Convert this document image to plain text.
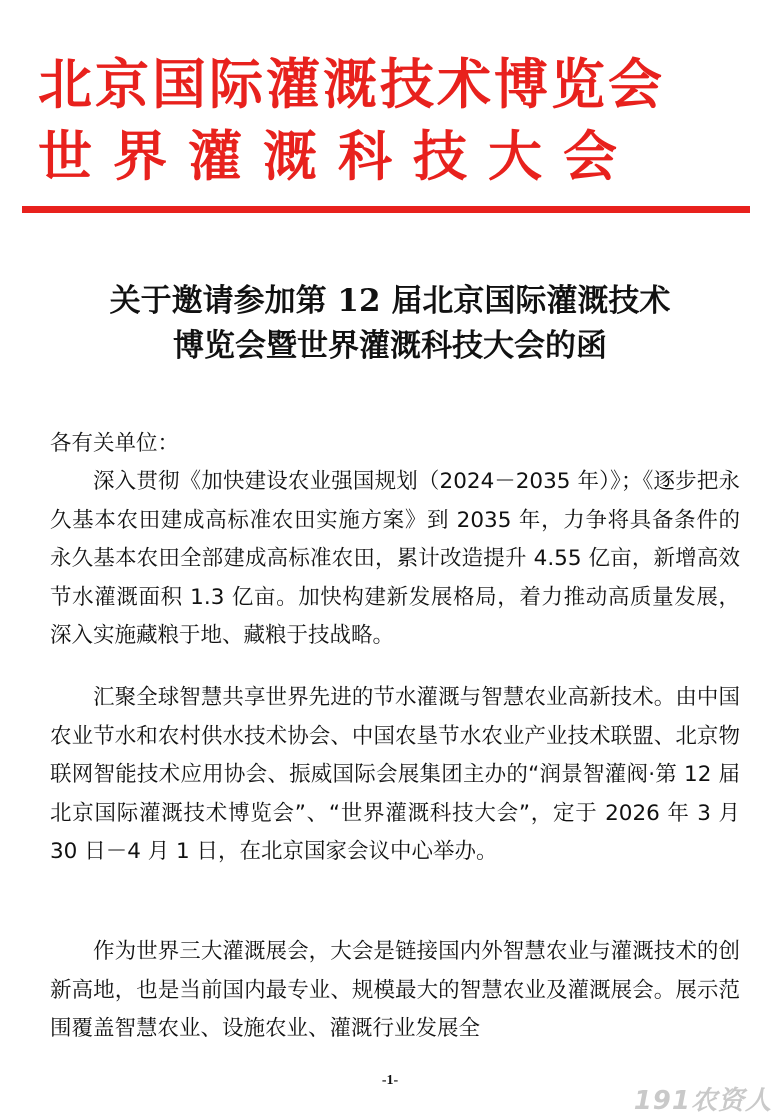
北京国际灌溉技术博览会
世界灌溉科技大会
关于邀请参加第 12 届北京国际灌溉技术
博览会暨世界灌溉科技大会的函
各有关单位：

深入贯彻《加快建设农业强国规划（2024－2035 年）》；《逐步把永久基本农田建成高标准农田实施方案》到 2035 年，力争将具备条件的永久基本农田全部建成高标准农田，累计改造提升 4.55 亿亩，新增高效节水灌溉面积 1.3 亿亩。加快构建新发展格局，着力推动高质量发展，深入实施藏粮于地、藏粮于技战略。

汇聚全球智慧共享世界先进的节水灌溉与智慧农业高新技术。由中国农业节水和农村供水技术协会、中国农垦节水农业产业技术联盟、北京物联网智能技术应用协会、振威国际会展集团主办的“润景智灌阀·第 12 届北京国际灌溉技术博览会”、“世界灌溉科技大会”，定于 2026 年 3 月 30 日－4 月 1 日，在北京国家会议中心举办。

作为世界三大灌溉展会，大会是链接国内外智慧农业与灌溉技术的创新高地，也是当前国内最专业、规模最大的智慧农业及灌溉展会。展示范围覆盖智慧农业、设施农业、灌溉行业发展全

-1-
191农资人
